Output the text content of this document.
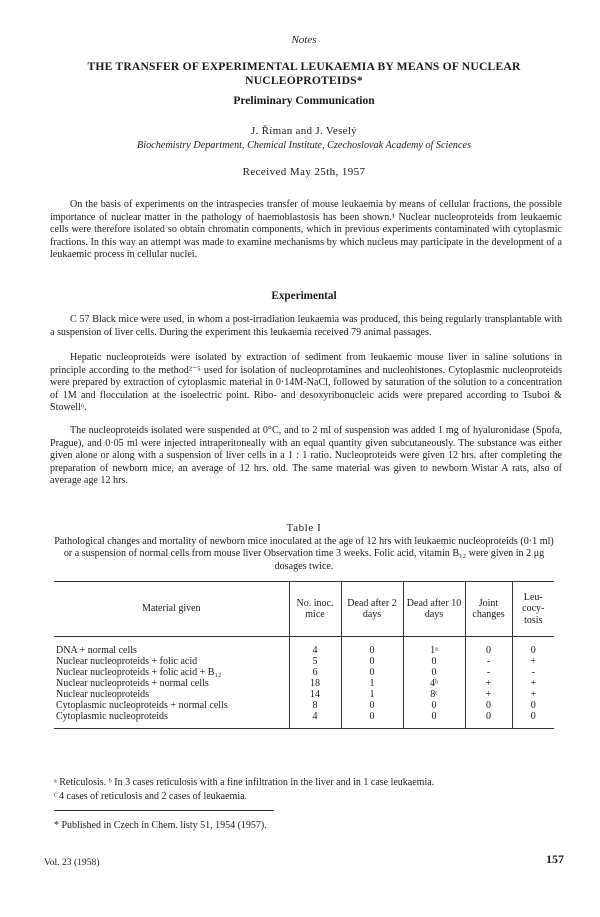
Notes
THE TRANSFER OF EXPERIMENTAL LEUKAEMIA BY MEANS OF NUCLEAR NUCLEOPROTEIDS*
Preliminary Communication
J. Říman and J. Veselý
Biochemistry Department, Chemical Institute, Czechoslovak Academy of Sciences
Received May 25th, 1957

On the basis of experiments on the intraspecies transfer of mouse leukaemia by means of cellular fractions, the possible importance of nuclear matter in the pathology of haemoblastosis has been shown.¹ Nuclear nucleoproteids from leukaemic cells were therefore isolated so obtain chromatin components, which in previous experiments contaminated with cytoplasmic fractions. In this way an attempt was made to examine mechanisms by which nucleus may participate in the development of a leukaemic process in cellular nuclei.

Experimental

C 57 Black mice were used, in whom a post-irradiation leukaemia was produced, this being regularly transplantable with a suspension of liver cells. During the experiment this leukaemia received 79 animal passages.

Hepatic nucleoproteids were isolated by extraction of sediment from leukaemic mouse liver in saline solutions in principle according to the method²⁻⁵ used for isolation of nucleoprotamines and nucleohistones. Cytoplasmic nucleoproteids were prepared by extraction of cytoplasmic material in 0·14M-NaCl, followed by saturation of the solution to a concentration of 1M and flocculation at the isoelectric point. Ribo- and desoxyribonucleic acids were prepared according to Tsuboi & Stowell⁶.

The nucleoproteids isolated were suspended at 0°C, and to 2 ml of suspension was added 1 mg of hyaluronidase (Spofa, Prague), and 0·05 ml were injected intraperitoneally with an equal quantity given subcutaneously. The substance was either given alone or along with a suspension of liver cells in a 1 : 1 ratio. Nucleoproteids were given 12 hrs. after completing the preparation of newborn mice, an average of 12 hrs. old. The same material was given to newborn Wistar A rats, also of average age 12 hrs.

Table I

Pathological changes and mortality of newborn mice inoculated at the age of 12 hrs with leukaemic nucleoproteids (0·1 ml) or a suspension of normal cells from mouse liver Observation time 3 weeks. Folic acid, vitamin B₁₂ were given in 2 μg dosages twice.

Material given	No. inoc. mice	Dead after 2 days	Dead after 10 days	Joint changes	Leu-cocy-tosis

DNA + normal cells	4	0	1ᵃ	0	0
Nuclear nucleoproteids + folic acid	5	0	0	-	+
Nuclear nucleoproteids + folic acid + B₁₂	6	0	0	-	-
Nuclear nucleoproteids + normal cells	18	1	4ᵇ	+	+
Nuclear nucleoproteids	14	1	8ᶜ	+	+
Cytoplasmic nucleoproteids + normal cells	8	0	0	0	0
Cytoplasmic nucleoproteids	4	0	0	0	0

ᵃ Reticulosis. ᵇ In 3 cases reticulosis with a fine infiltration in the liver and in 1 case leukaemia.

ᶜ 4 cases of reticulosis and 2 cases of leukaemia.

* Published in Czech in Chem. listy 51, 1954 (1957).
Vol. 23 (1958)	157
